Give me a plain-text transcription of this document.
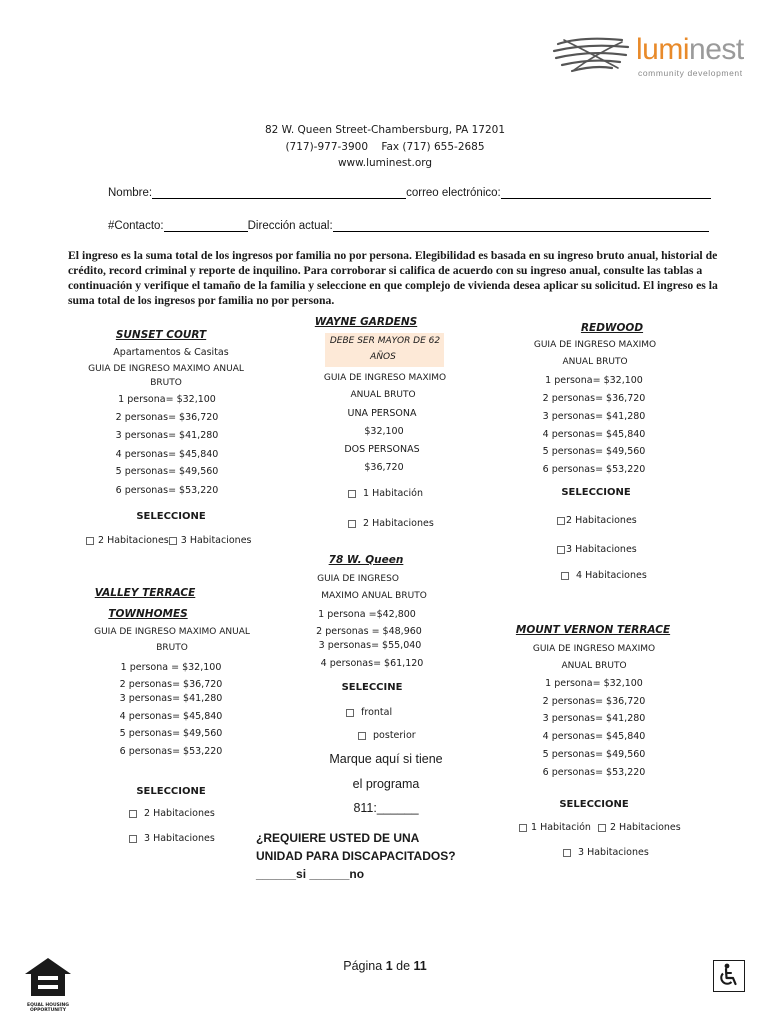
luminest
community development
82 W. Queen Street-Chambersburg, PA 17201
(717)-977-3900    Fax (717) 655-2685
www.luminest.org
Nombre:	correo electrónico:
#Contacto:	Dirección actual:
El ingreso es la suma total de los ingresos por familia no por persona. Elegibilidad es basada en su ingreso bruto anual, historial de crédito, record criminal y reporte de inquilino. Para corroborar si califica de acuerdo con su ingreso anual, consulte las tablas a continuación y verifique el tamaño de la familia y seleccione en que complejo de vivienda desea aplicar su solicitud. El ingreso es la suma total de los ingresos por familia no por persona.
SUNSET COURT
Apartamentos & Casitas
GUIA DE INGRESO MAXIMO ANUAL
BRUTO
1 persona= $32,100
2 personas= $36,720
3 personas= $41,280
4 personas= $45,840
5 personas= $49,560
6 personas= $53,220
SELECCIONE
2 Habitaciones 3 Habitaciones
VALLEY TERRACE
TOWNHOMES
GUIA DE INGRESO MAXIMO ANUAL
BRUTO
1 persona = $32,100
2 personas= $36,720
3 personas= $41,280
4 personas= $45,840
5 personas= $49,560
6 personas= $53,220
SELECCIONE
2 Habitaciones
3 Habitaciones
WAYNE GARDENS
DEBE SER MAYOR DE 62
AÑOS
GUIA DE INGRESO MAXIMO
ANUAL BRUTO
UNA PERSONA
$32,100
DOS PERSONAS
$36,720
1 Habitación
2 Habitaciones
78 W. Queen
GUIA DE INGRESO
MAXIMO ANUAL BRUTO
1 persona =$42,800
2 personas = $48,960
3 personas= $55,040
4 personas= $61,120
SELECCINE
frontal
posterior
Marque aquí si tiene
el programa
811:______
¿REQUIERE USTED DE UNA
UNIDAD PARA DISCAPACITADOS?
______si ______no
REDWOOD
GUIA DE INGRESO MAXIMO
ANUAL BRUTO
1 persona= $32,100
2 personas= $36,720
3 personas= $41,280
4 personas= $45,840
5 personas= $49,560
6 personas= $53,220
SELECCIONE
2 Habitaciones
3 Habitaciones
4 Habitaciones
MOUNT VERNON TERRACE
GUIA DE INGRESO MAXIMO
ANUAL BRUTO
1 persona= $32,100
2 personas= $36,720
3 personas= $41,280
4 personas= $45,840
5 personas= $49,560
6 personas= $53,220
SELECCIONE
1 Habitación 2 Habitaciones
3 Habitaciones
EQUAL HOUSING
OPPORTUNITY
Página 1 de 11
